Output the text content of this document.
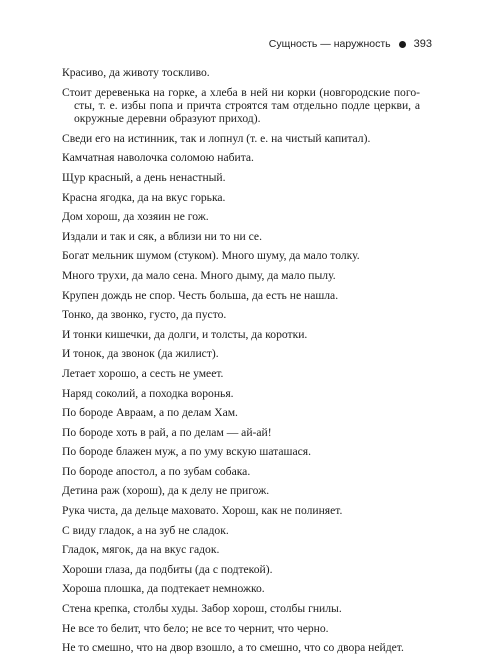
Сущность — наружность 393

Красиво, да животу тоскливо.

Стоит деревенька на горке, а хлеба в ней ни корки (новгородские погосты, т. е. избы попа и причта строятся там отдельно подле церкви, а окружные деревни образуют приход).

Сведи его на истинник, так и лопнул (т. е. на чистый капитал).

Камчатная наволочка соломою набита.

Щур красный, а день ненастный.

Красна ягодка, да на вкус горька.

Дом хорош, да хозяин не гож.

Издали и так и сяк, а вблизи ни то ни се.

Богат мельник шумом (стуком). Много шуму, да мало толку.

Много трухи, да мало сена. Много дыму, да мало пылу.

Крупен дождь не спор. Честь больша, да есть не нашла.

Тонко, да звонко, густо, да пусто.

И тонки кишечки, да долги, и толсты, да коротки.

И тонок, да звонок (да жилист).

Летает хорошо, а сесть не умеет.

Наряд соколий, а походка воронья.

По бороде Авраам, а по делам Хам.

По бороде хоть в рай, а по делам — ай-ай!

По бороде блажен муж, а по уму вскую шаташася.

По бороде апостол, а по зубам собака.

Детина раж (хорош), да к делу не пригож.

Рука чиста, да дельце маховато. Хорош, как не полиняет.

С виду гладок, а на зуб не сладок.

Гладок, мягок, да на вкус гадок.

Хороши глаза, да подбиты (да с подтекой).

Хороша плошка, да подтекает немножко.

Стена крепка, столбы худы. Забор хорош, столбы гнилы.

Не все то белит, что бело; не все то чернит, что черно.

Не то смешно, что на двор взошло, а то смешно, что со двора нейдет.
